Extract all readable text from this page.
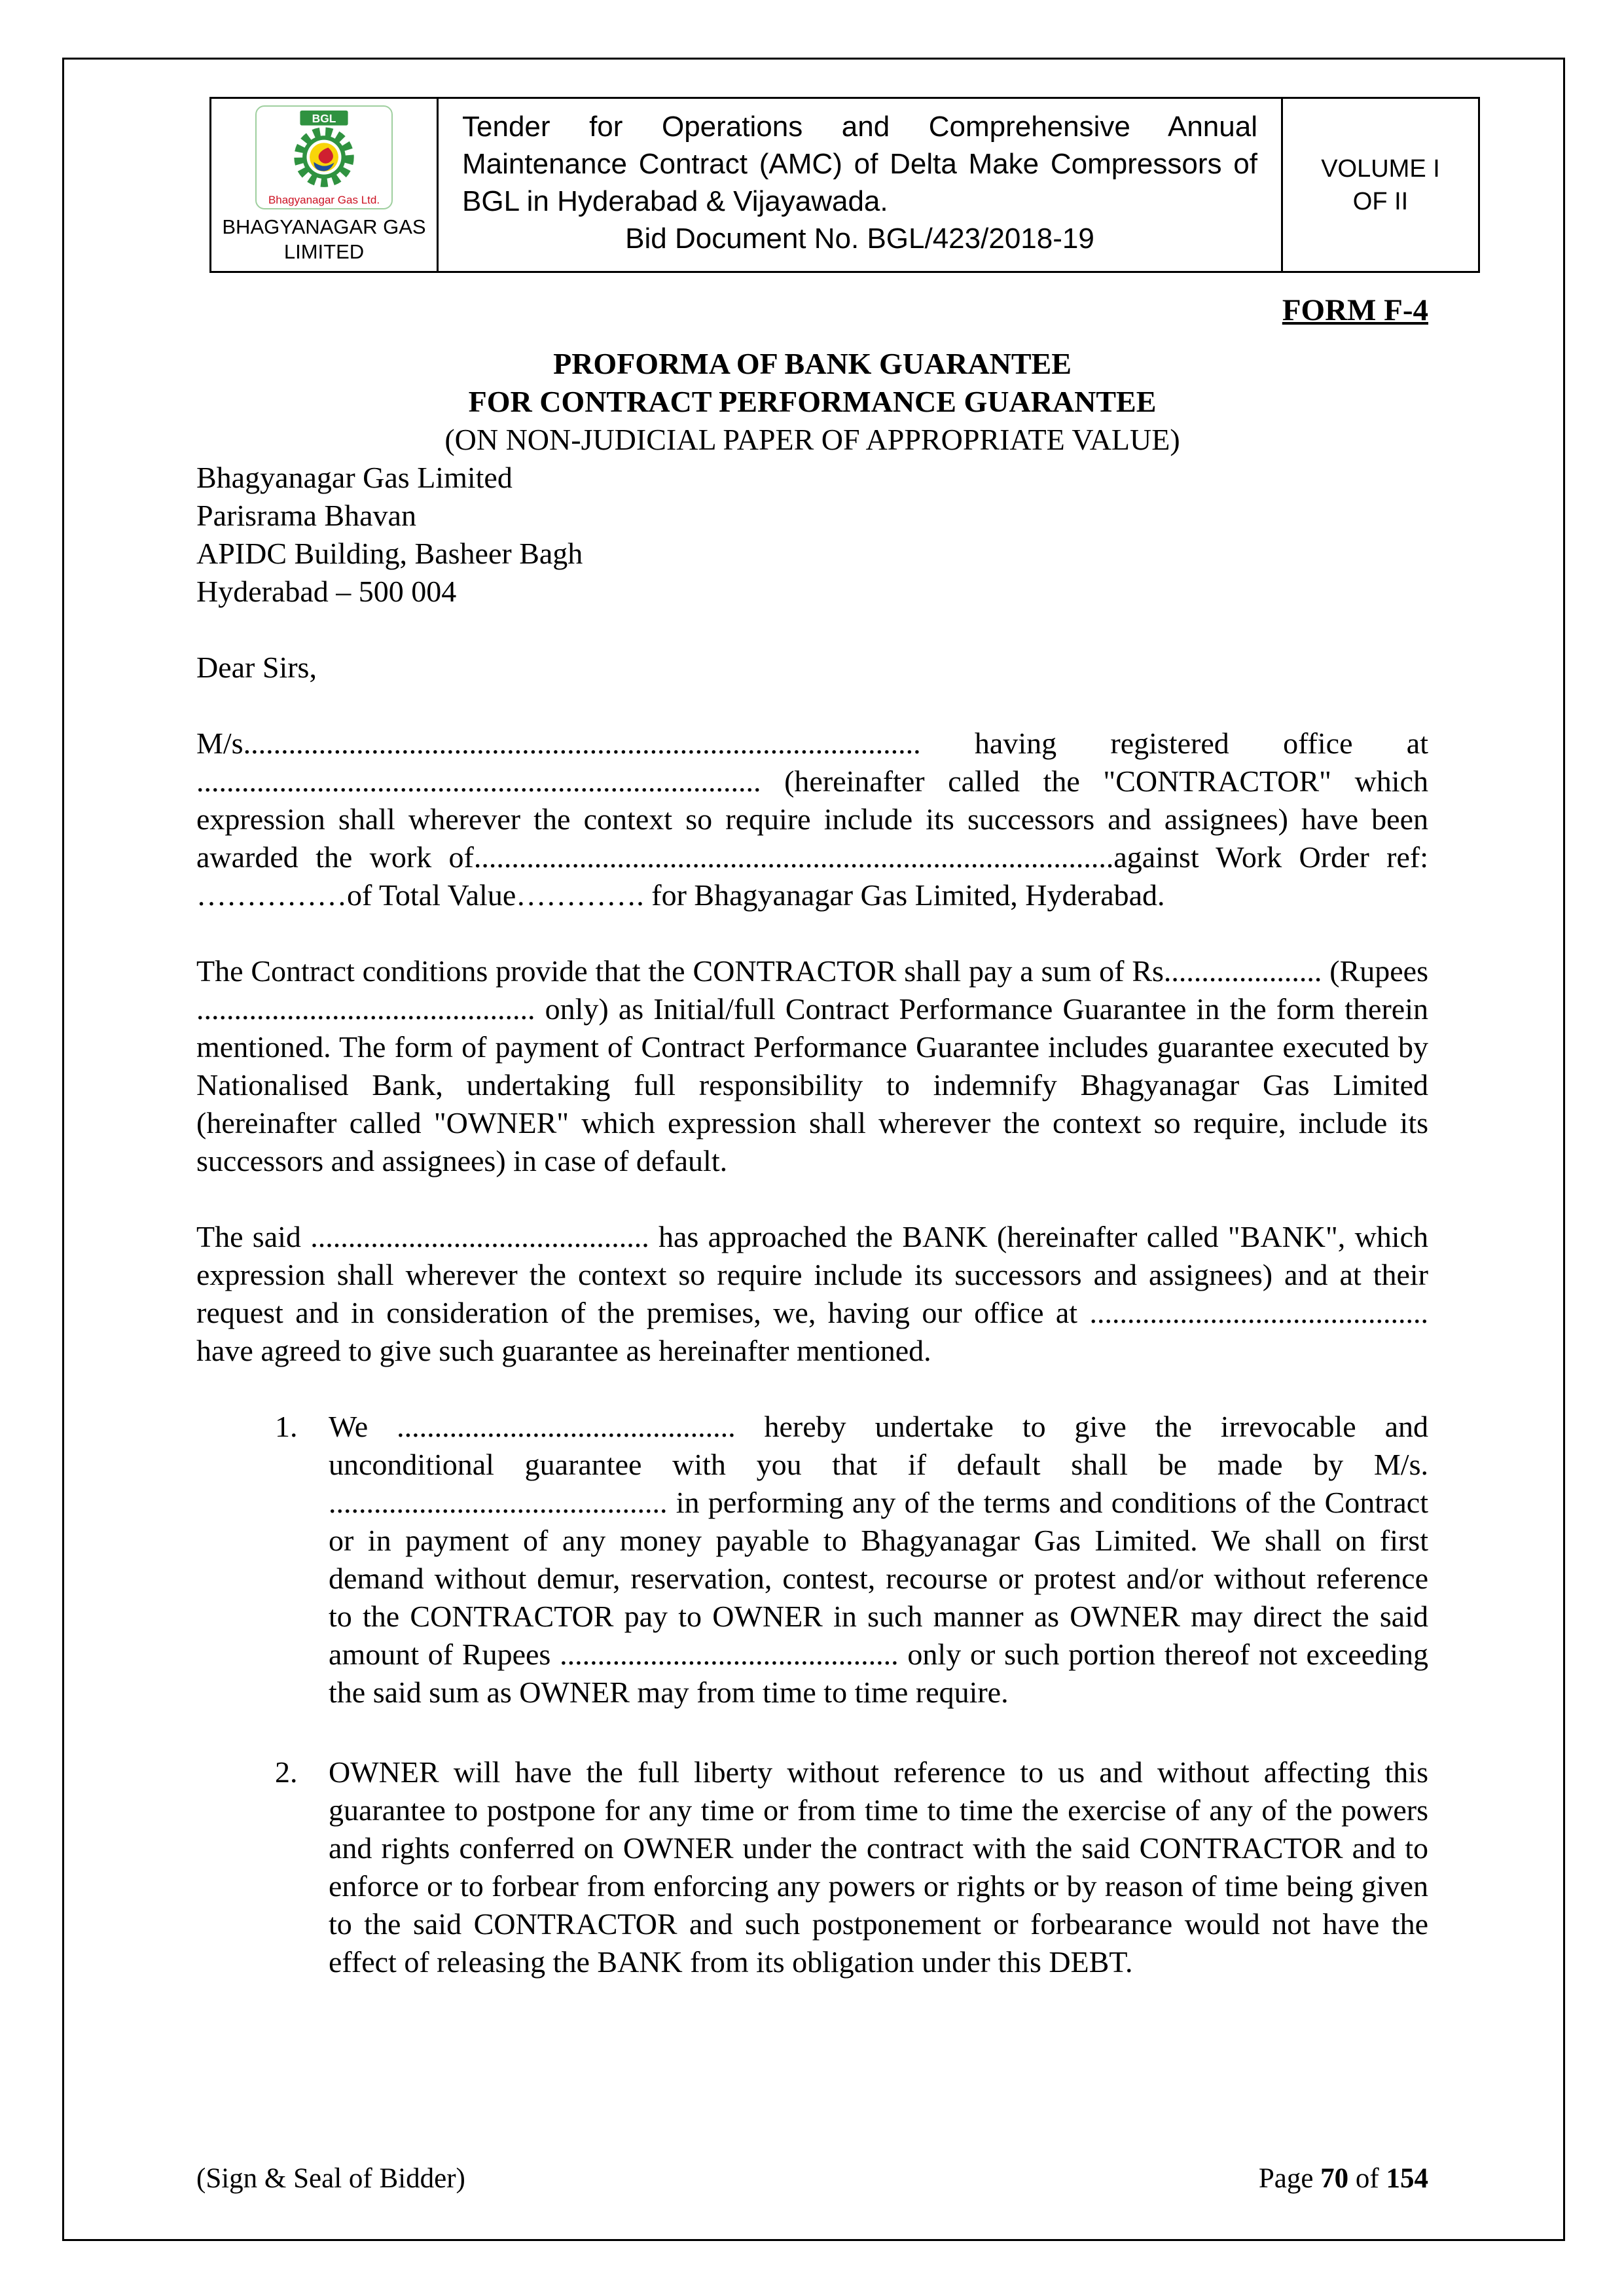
BGL
Bhagyanagar Gas Ltd.
BHAGYANAGAR GAS
LIMITED
Tender for Operations and Comprehensive Annual Maintenance Contract (AMC) of Delta Make Compressors of BGL in Hyderabad & Vijayawada.
Bid Document No. BGL/423/2018-19
VOLUME I
OF II
FORM F-4
PROFORMA OF BANK GUARANTEE
FOR CONTRACT PERFORMANCE GUARANTEE
(ON NON-JUDICIAL PAPER OF APPROPRIATE VALUE)
Bhagyanagar Gas Limited
Parisrama Bhavan
APIDC Building, Basheer Bagh
Hyderabad – 500 004
Dear Sirs,

M/s.......................................................................................... having registered office at ........................................................................... (hereinafter called the "CONTRACTOR" which expression shall wherever the context so require include its successors and assignees) have been awarded the work of.....................................................................................against Work Order ref: ……………of Total Value…………. for Bhagyanagar Gas Limited, Hyderabad.

The Contract conditions provide that the CONTRACTOR shall pay a sum of Rs..................... (Rupees ............................................. only) as Initial/full Contract Performance Guarantee in the form therein mentioned. The form of payment of Contract Performance Guarantee includes guarantee executed by Nationalised Bank, undertaking full responsibility to indemnify Bhagyanagar Gas Limited (hereinafter called "OWNER" which expression shall wherever the context so require, include its successors and assignees) in case of default.

The said ............................................. has approached the BANK (hereinafter called "BANK", which expression shall wherever the context so require include its successors and assignees) and at their request and in consideration of the premises, we, having our office at ............................................. have agreed to give such guarantee as hereinafter mentioned.

1.	We ............................................. hereby undertake to give the irrevocable and unconditional guarantee with you that if default shall be made by M/s. ............................................. in performing any of the terms and conditions of the Contract or in payment of any money payable to Bhagyanagar Gas Limited. We shall on first demand without demur, reservation, contest, recourse or protest and/or without reference to the CONTRACTOR pay to OWNER in such manner as OWNER may direct the said amount of Rupees ............................................. only or such portion thereof not exceeding the said sum as OWNER may from time to time require.
2.	OWNER will have the full liberty without reference to us and without affecting this guarantee to postpone for any time or from time to time the exercise of any of the powers and rights conferred on OWNER under the contract with the said CONTRACTOR and to enforce or to forbear from enforcing any powers or rights or by reason of time being given to the said CONTRACTOR and such postponement or forbearance would not have the effect of releasing the BANK from its obligation under this DEBT.
(Sign & Seal of Bidder)	Page 70 of 154
